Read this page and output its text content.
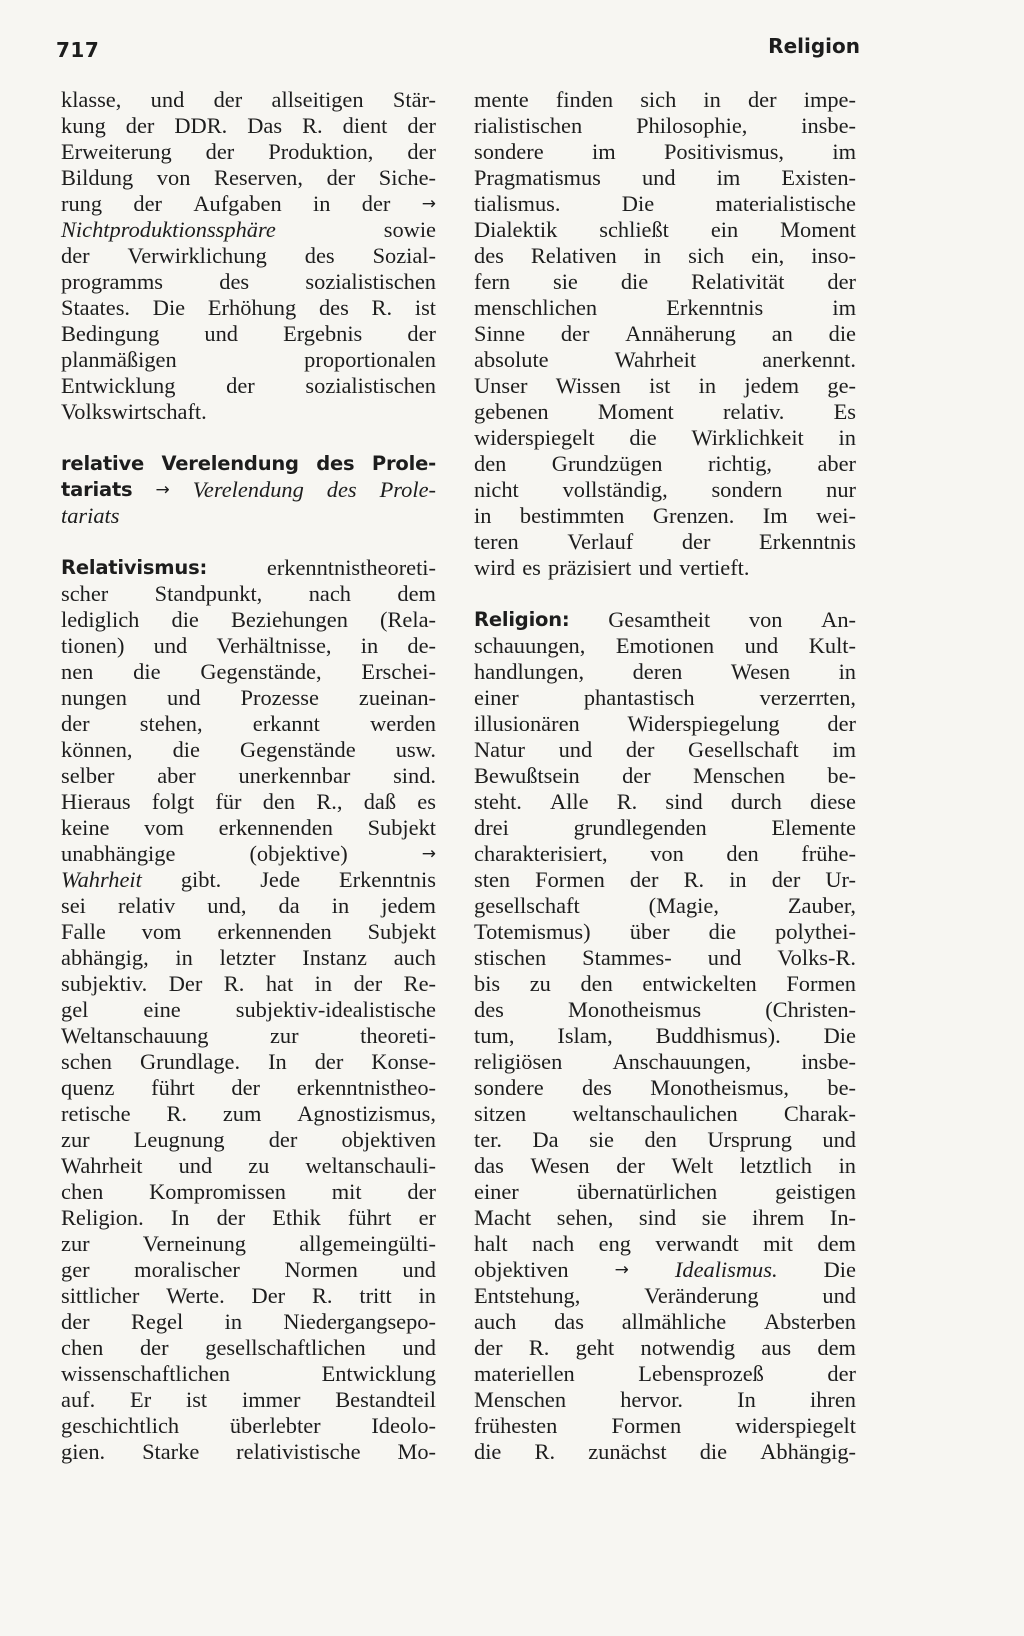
717	Religion
klasse, und der allseitigen Stär-
kung der DDR. Das R. dient der
Erweiterung der Produktion, der
Bildung von Reserven, der Siche-
rung der Aufgaben in der →
Nichtproduktionssphäre	sowie
der Verwirklichung des Sozial-
programms	des	sozialistischen
Staates. Die Erhöhung des R. ist
Bedingung und Ergebnis der
planmäßigen	proportionalen
Entwicklung der sozialistischen
Volkswirtschaft.
relative Verelendung des Prole-
tariats → Verelendung des Prole-
tariats
Relativismus:	erkenntnistheoreti-
scher Standpunkt, nach dem
lediglich die Beziehungen (Rela-
tionen) und Verhältnisse, in de-
nen die Gegenstände, Erschei-
nungen und Prozesse zueinan-
der stehen, erkannt werden
können, die Gegenstände usw.
selber aber unerkennbar sind.
Hieraus folgt für den R., daß es
keine vom erkennenden Subjekt
unabhängige	(objektive)	→
Wahrheit gibt. Jede Erkenntnis
sei relativ und, da in jedem
Falle vom erkennenden Subjekt
abhängig, in letzter Instanz auch
subjektiv. Der R. hat in der Re-
gel eine subjektiv-idealistische
Weltanschauung	zur	theoreti-
schen Grundlage. In der Konse-
quenz führt der erkenntnistheo-
retische R. zum Agnostizismus,
zur Leugnung der objektiven
Wahrheit und zu weltanschauli-
chen Kompromissen mit der
Religion. In der Ethik führt er
zur Verneinung allgemeingülti-
ger moralischer Normen und
sittlicher Werte. Der R. tritt in
der Regel in Niedergangsepo-
chen der gesellschaftlichen und
wissenschaftlichen	Entwicklung
auf. Er ist immer Bestandteil
geschichtlich überlebter Ideolo-
gien. Starke relativistische Mo-
mente finden sich in der impe-
rialistischen Philosophie, insbe-
sondere im Positivismus, im
Pragmatismus und im Existen-
tialismus.	Die	materialistische
Dialektik schließt ein Moment
des Relativen in sich ein, inso-
fern sie die Relativität der
menschlichen	Erkenntnis	im
Sinne der Annäherung an die
absolute	Wahrheit	anerkennt.
Unser Wissen ist in jedem ge-
gebenen Moment relativ. Es
widerspiegelt die Wirklichkeit in
den Grundzügen richtig, aber
nicht vollständig, sondern nur
in bestimmten Grenzen. Im wei-
teren Verlauf der Erkenntnis
wird es präzisiert und vertieft.
Religion: Gesamtheit von An-
schauungen, Emotionen und Kult-
handlungen, deren Wesen in
einer	phantastisch	verzerrten,
illusionären Widerspiegelung der
Natur und der Gesellschaft im
Bewußtsein der Menschen be-
steht. Alle R. sind durch diese
drei	grundlegenden	Elemente
charakterisiert, von den frühe-
sten Formen der R. in der Ur-
gesellschaft	(Magie,	Zauber,
Totemismus) über die polythei-
stischen Stammes- und Volks-R.
bis zu den entwickelten Formen
des	Monotheismus	(Christen-
tum, Islam, Buddhismus). Die
religiösen Anschauungen, insbe-
sondere des Monotheismus, be-
sitzen weltanschaulichen Charak-
ter. Da sie den Ursprung und
das Wesen der Welt letztlich in
einer	übernatürlichen	geistigen
Macht sehen, sind sie ihrem In-
halt nach eng verwandt mit dem
objektiven	→ Idealismus. Die
Entstehung,	Veränderung	und
auch das allmähliche Absterben
der R. geht notwendig aus dem
materiellen	Lebensprozeß	der
Menschen hervor. In ihren
frühesten Formen widerspiegelt
die R. zunächst die Abhängig-
